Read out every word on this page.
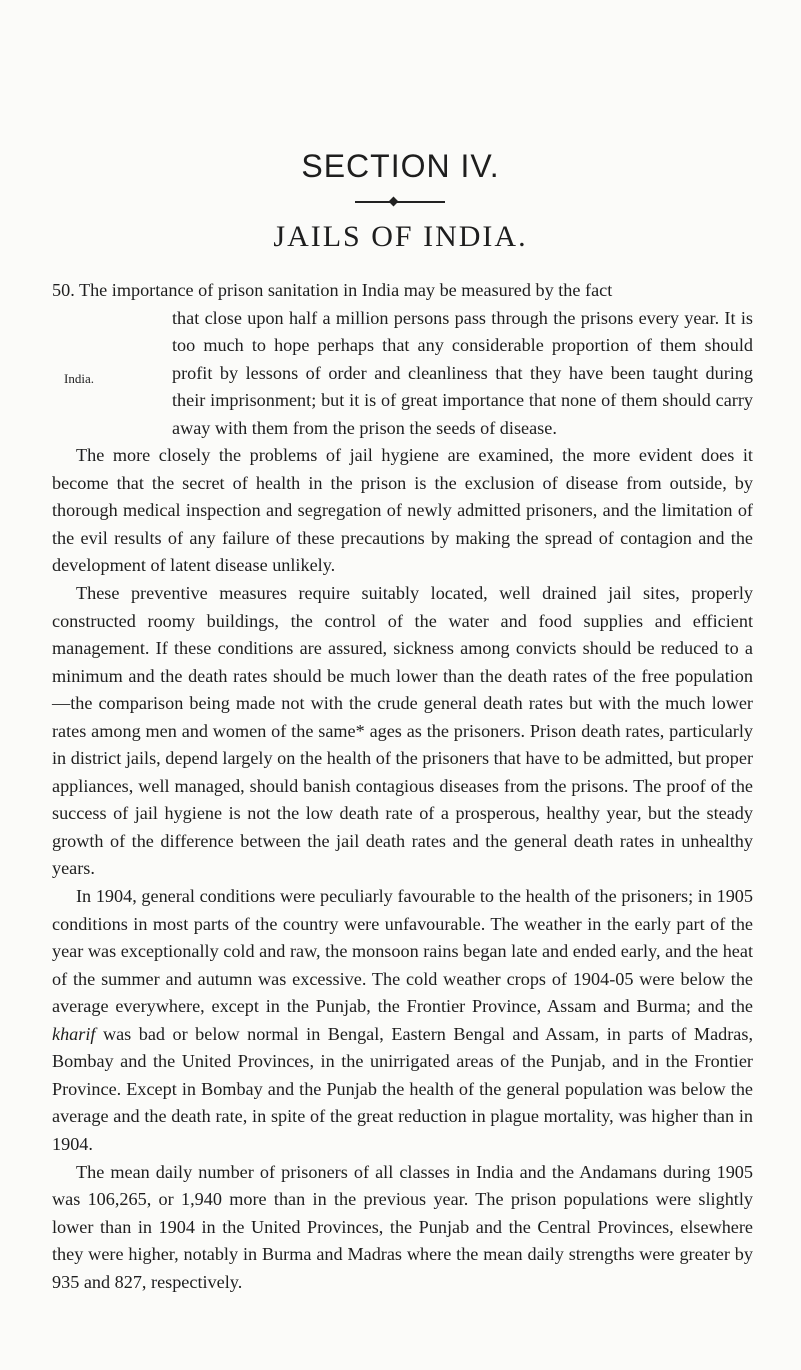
SECTION IV.
JAILS OF INDIA.

50. The importance of prison sanitation in India may be measured by the fact
India.
that close upon half a million persons pass through the prisons every year. It is too much to hope perhaps that any considerable proportion of them should profit by lessons of order and cleanliness that they have been taught during their imprisonment; but it is of great importance that none of them should carry away with them from the prison the seeds of disease.

The more closely the problems of jail hygiene are examined, the more evident does it become that the secret of health in the prison is the exclusion of disease from outside, by thorough medical inspection and segregation of newly admitted prisoners, and the limitation of the evil results of any failure of these precautions by making the spread of contagion and the development of latent disease unlikely.

These preventive measures require suitably located, well drained jail sites, properly constructed roomy buildings, the control of the water and food supplies and efficient management. If these conditions are assured, sickness among convicts should be reduced to a minimum and the death rates should be much lower than the death rates of the free population—the comparison being made not with the crude general death rates but with the much lower rates among men and women of the same* ages as the prisoners. Prison death rates, particularly in district jails, depend largely on the health of the prisoners that have to be admitted, but proper appliances, well managed, should banish contagious diseases from the prisons. The proof of the success of jail hygiene is not the low death rate of a prosperous, healthy year, but the steady growth of the difference between the jail death rates and the general death rates in unhealthy years.

In 1904, general conditions were peculiarly favourable to the health of the prisoners; in 1905 conditions in most parts of the country were unfavourable. The weather in the early part of the year was exceptionally cold and raw, the monsoon rains began late and ended early, and the heat of the summer and autumn was excessive. The cold weather crops of 1904-05 were below the average everywhere, except in the Punjab, the Frontier Province, Assam and Burma; and the kharif was bad or below normal in Bengal, Eastern Bengal and Assam, in parts of Madras, Bombay and the United Provinces, in the unirrigated areas of the Punjab, and in the Frontier Province. Except in Bombay and the Punjab the health of the general population was below the average and the death rate, in spite of the great reduction in plague mortality, was higher than in 1904.

The mean daily number of prisoners of all classes in India and the Andamans during 1905 was 106,265, or 1,940 more than in the previous year. The prison populations were slightly lower than in 1904 in the United Provinces, the Punjab and the Central Provinces, elsewhere they were higher, notably in Burma and Madras where the mean daily strengths were greater by 935 and 827, respectively.
